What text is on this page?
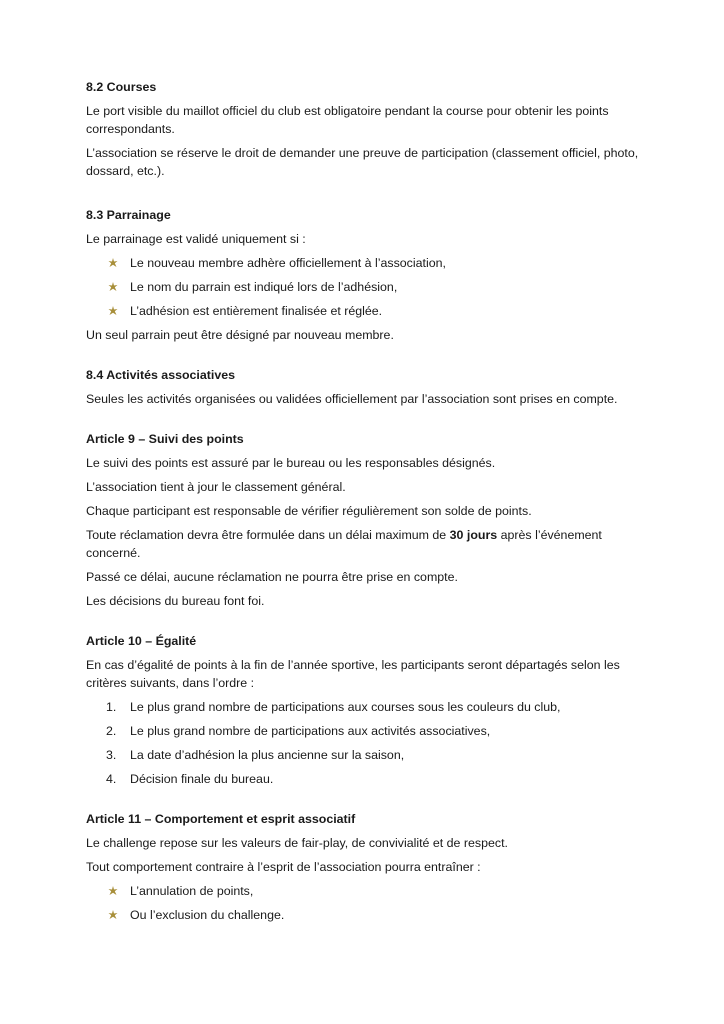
8.2 Courses

Le port visible du maillot officiel du club est obligatoire pendant la course pour obtenir les points correspondants.

L’association se réserve le droit de demander une preuve de participation (classement officiel, photo, dossard, etc.).

8.3 Parrainage

Le parrainage est validé uniquement si :

Le nouveau membre adhère officiellement à l’association,
Le nom du parrain est indiqué lors de l’adhésion,
L’adhésion est entièrement finalisée et réglée.

Un seul parrain peut être désigné par nouveau membre.

8.4 Activités associatives

Seules les activités organisées ou validées officiellement par l’association sont prises en compte.

Article 9 – Suivi des points

Le suivi des points est assuré par le bureau ou les responsables désignés.

L’association tient à jour le classement général.

Chaque participant est responsable de vérifier régulièrement son solde de points.

Toute réclamation devra être formulée dans un délai maximum de 30 jours après l’événement concerné.

Passé ce délai, aucune réclamation ne pourra être prise en compte.

Les décisions du bureau font foi.

Article 10 – Égalité

En cas d’égalité de points à la fin de l’année sportive, les participants seront départagés selon les critères suivants, dans l’ordre :

1. Le plus grand nombre de participations aux courses sous les couleurs du club,
2. Le plus grand nombre de participations aux activités associatives,
3. La date d’adhésion la plus ancienne sur la saison,
4. Décision finale du bureau.
Article 11 – Comportement et esprit associatif

Le challenge repose sur les valeurs de fair-play, de convivialité et de respect.

Tout comportement contraire à l’esprit de l’association pourra entraîner :

L’annulation de points,
Ou l’exclusion du challenge.
